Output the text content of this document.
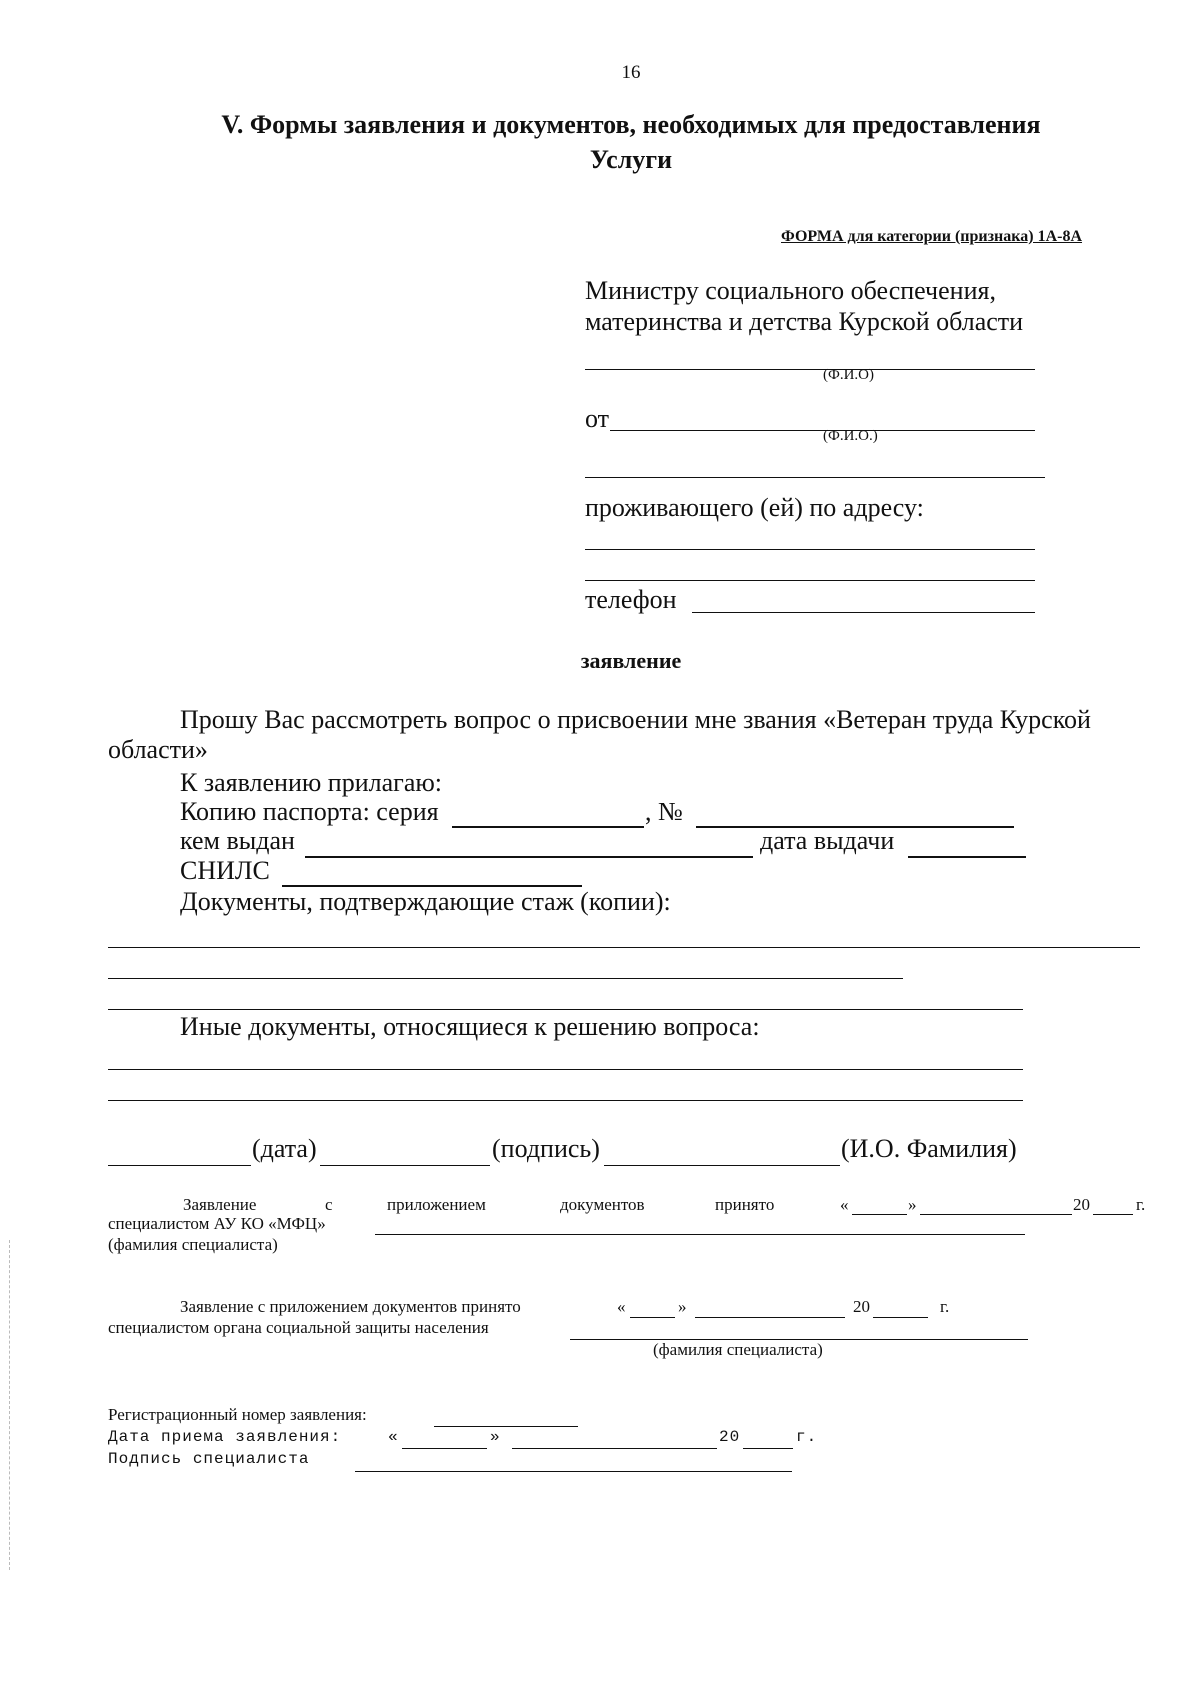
16
V. Формы заявления и документов, необходимых для предоставления
Услуги
ФОРМА для категории (признака) 1А-8А
Министру социального обеспечения,
материнства и детства Курской области
(Ф.И.О)
от
(Ф.И.О.)
проживающего (ей) по адресу:
телефон
заявление
Прошу Вас рассмотреть вопрос о присвоении мне звания «Ветеран труда Курской
области»
К заявлению прилагаю:
Копию паспорта: серия	, №
кем выдан	дата выдачи
СНИЛС
Документы, подтверждающие стаж (копии):
Иные документы, относящиеся к решению вопроса:
(дата)	(подпись)	(И.О. Фамилия)
Заявление	с	приложением	документов	принято	«	»	20	г.
специалистом АУ КО «МФЦ»
(фамилия специалиста)
Заявление с приложением документов принято	«	»	20	г.
специалистом органа социальной защиты населения
(фамилия специалиста)
Регистрационный номер заявления:
Дата приема заявления:	«	»	20	г.
Подпись специалиста
